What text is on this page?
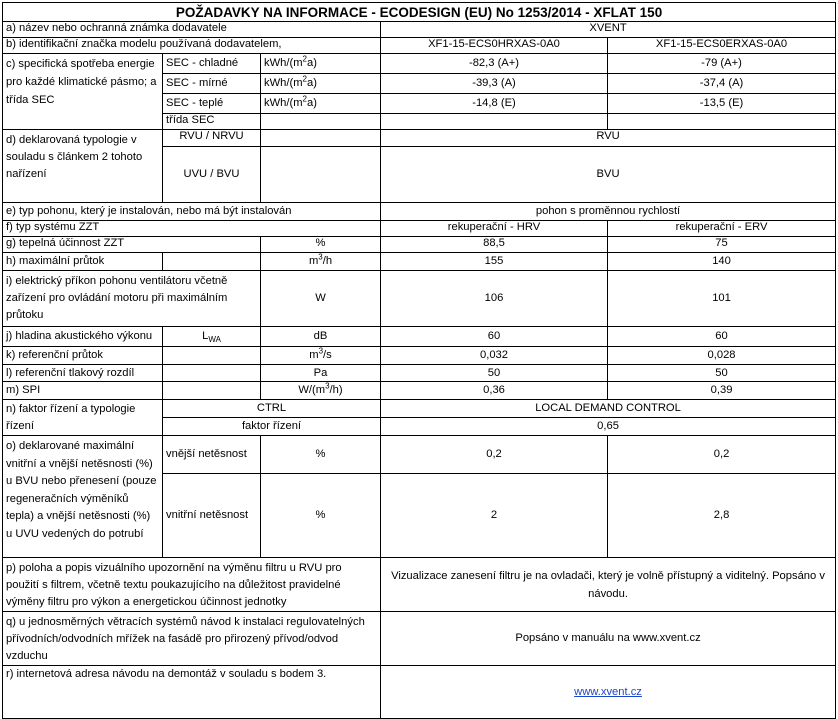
POŽADAVKY NA INFORMACE - ECODESIGN (EU) No 1253/2014 - XFLAT 150				
a) název nebo ochranná známka dodavatele			XVENT	
b) identifikační značka modelu používaná dodavatelem,			XF1-15-ECS0HRXAS-0A0	XF1-15-ECS0ERXAS-0A0
c) specifická spotřeba energie pro každé klimatické pásmo; a třída SEC	SEC - chladné	kWh/$(m^2a)$	-82,3 (A+)	-79 (A+)
	SEC - mírné	kWh/$(m^2a)$	-39,3 (A)	-37,4 (A)
	SEC - teplé	kWh/$(m^2a)$	-14,8 (E)	-13,5 (E)
	třída SEC			
d) deklarovaná typologie v souladu s článkem 2 tohoto nařízení	RVU / NRVU		RVU	
	UVU / BVU		BVU	
e) typ pohonu, který je instalován, nebo má být instalován			pohon s proměnnou rychlostí	
f) typ systému ZZT			rekuperační - HRV	rekuperační - ERV
g) tepelná účinnost ZZT		%	88,5	75
h) maximální průtok		$m^3/h$	155	140
i) elektrický příkon pohonu ventilátoru včetně zařízení pro ovládání motoru při maximálním průtoku		W	106	101
j) hladina akustického výkonu	$L_{WA}$	dB	60	60
k) referenční průtok		$m^3/s$	0,032	0,028
l) referenční tlakový rozdíl		Pa	50	50
m) SPI		$W/(m^3/h)$	0,36	0,39
n) faktor řízení a typologie řízení	CTRL		LOCAL DEMAND CONTROL	
	faktor řízení		0,65	
o) deklarované maximální vnitřní a vnější netěsnosti (%) u BVU nebo přenesení (pouze regeneračních výměníků tepla) a vnější netěsnosti (%) u UVU vedených do potrubí	vnější netěsnost	%	0,2	0,2
	vnitřní netěsnost	%	2	2,8
p) poloha a popis vizuálního upozornění na výměnu filtru u RVU pro použití s filtrem, včetně textu poukazujícího na důležitost pravidelné výměny filtru pro výkon a energetickou účinnost jednotky			Vizualizace zanesení filtru je na ovladači, který je volně přístupný a viditelný. Popsáno v návodu.	
q) u jednosměrných větracích systémů návod k instalaci regulovatelných přívodních/odvodních mřížek na fasádě pro přirozený přívod/odvod vzduchu			Popsáno v manuálu na www.xvent.cz	
r) internetová adresa návodu na demontáž v souladu s bodem 3.			www.xvent.cz	
